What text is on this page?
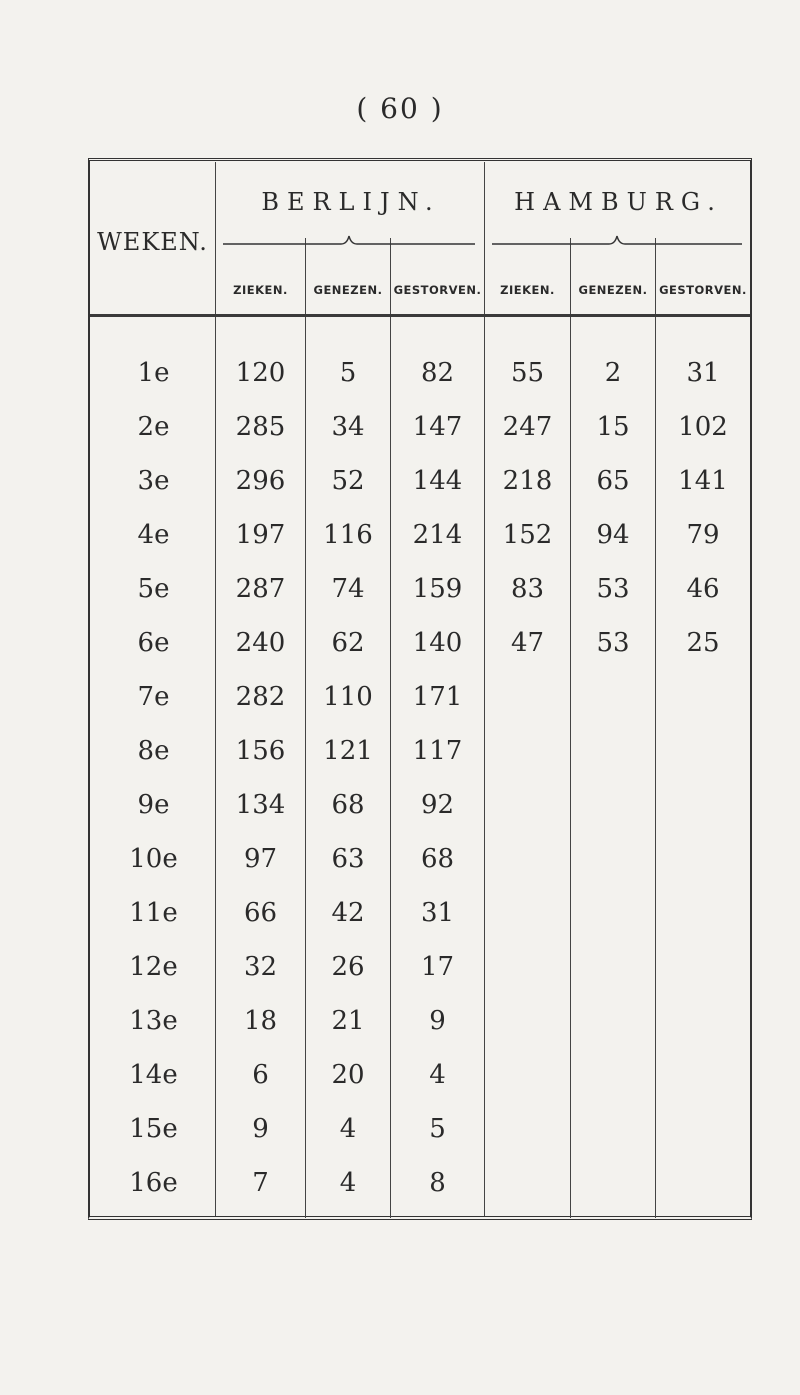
( 60 )
WEKEN.
BERLIJN.	HAMBURG.
ZIEKEN.	GENEZEN. GESTORVEN.	ZIEKEN.	GENEZEN.	GESTORVEN.
1e	120	5	82	55	2	31
2e	285	34	147	247	15	102
3e	296	52	144	218	65	141
4e	197	116	214	152	94	79
5e	287	74	159	83	53	46
6e	240	62	140	47	53	25
7e	282	110	171
8e	156	121	117
9e	134	68	92
10e	97	63	68
11e	66	42	31
12e	32	26	17
13e	18	21	9
14e	6	20	4
15e	9	4	5
16e	7	4	8
